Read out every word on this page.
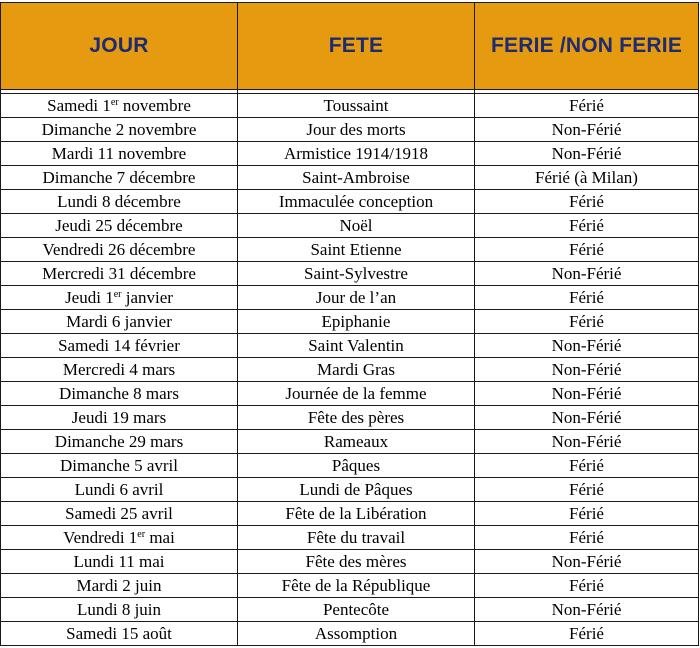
JOUR	FETE	FERIE /NON FERIE

Samedi 1er novembre	Toussaint	Férié
Dimanche 2 novembre	Jour des morts	Non-Férié
Mardi 11 novembre	Armistice 1914/1918	Non-Férié
Dimanche 7 décembre	Saint-Ambroise	Férié (à Milan)
Lundi 8 décembre	Immaculée conception	Férié
Jeudi 25 décembre	Noël	Férié
Vendredi 26 décembre	Saint Etienne	Férié
Mercredi 31 décembre	Saint-Sylvestre	Non-Férié
Jeudi 1er janvier	Jour de l’an	Férié
Mardi 6 janvier	Epiphanie	Férié
Samedi 14 février	Saint Valentin	Non-Férié
Mercredi 4 mars	Mardi Gras	Non-Férié
Dimanche 8 mars	Journée de la femme	Non-Férié
Jeudi 19 mars	Fête des pères	Non-Férié
Dimanche 29 mars	Rameaux	Non-Férié
Dimanche 5 avril	Pâques	Férié
Lundi 6 avril	Lundi de Pâques	Férié
Samedi 25 avril	Fête de la Libération	Férié
Vendredi 1er mai	Fête du travail	Férié
Lundi 11 mai	Fête des mères	Non-Férié
Mardi 2 juin	Fête de la République	Férié
Lundi 8 juin	Pentecôte	Non-Férié
Samedi 15 août	Assomption	Férié
